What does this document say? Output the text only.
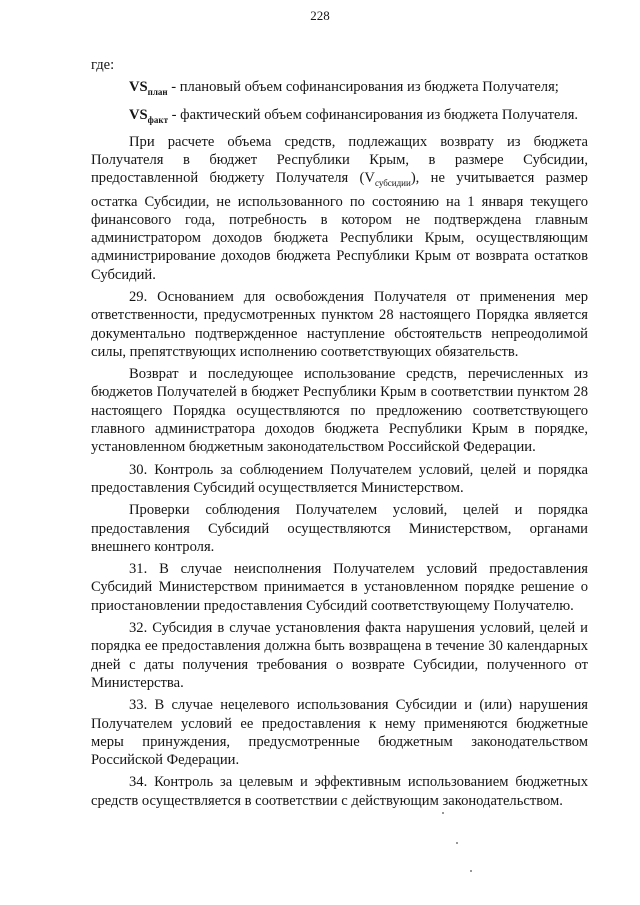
228

где:

$VS_{план}$ - плановый объем софинансирования из бюджета Получателя;

$VS_{факт}$ - фактический объем софинансирования из бюджета Получателя.

При расчете объема средств, подлежащих возврату из бюджета Получателя в бюджет Республики Крым, в размере Субсидии, предоставленной бюджету Получателя $(V_{субсидии})$, не учитывается размер остатка Субсидии, не использованного по состоянию на 1 января текущего финансового года, потребность в котором не подтверждена главным администратором доходов бюджета Республики Крым, осуществляющим администрирование доходов бюджета Республики Крым от возврата остатков Субсидий.

29. Основанием для освобождения Получателя от применения мер ответственности, предусмотренных пунктом 28 настоящего Порядка является документально подтвержденное наступление обстоятельств непреодолимой силы, препятствующих исполнению соответствующих обязательств.

Возврат и последующее использование средств, перечисленных из бюджетов Получателей в бюджет Республики Крым в соответствии пунктом 28 настоящего Порядка осуществляются по предложению соответствующего главного администратора доходов бюджета Республики Крым в порядке, установленном бюджетным законодательством Российской Федерации.

30. Контроль за соблюдением Получателем условий, целей и порядка предоставления Субсидий осуществляется Министерством.

Проверки соблюдения Получателем условий, целей и порядка предоставления Субсидий осуществляются Министерством, органами внешнего контроля.

31. В случае неисполнения Получателем условий предоставления Субсидий Министерством принимается в установленном порядке решение о приостановлении предоставления Субсидий соответствующему Получателю.

32. Субсидия в случае установления факта нарушения условий, целей и порядка ее предоставления должна быть возвращена в течение 30 календарных дней с даты получения требования о возврате Субсидии, полученного от Министерства.

33. В случае нецелевого использования Субсидии и (или) нарушения Получателем условий ее предоставления к нему применяются бюджетные меры принуждения, предусмотренные бюджетным законодательством Российской Федерации.

34. Контроль за целевым и эффективным использованием бюджетных средств осуществляется в соответствии с действующим законодательством.
